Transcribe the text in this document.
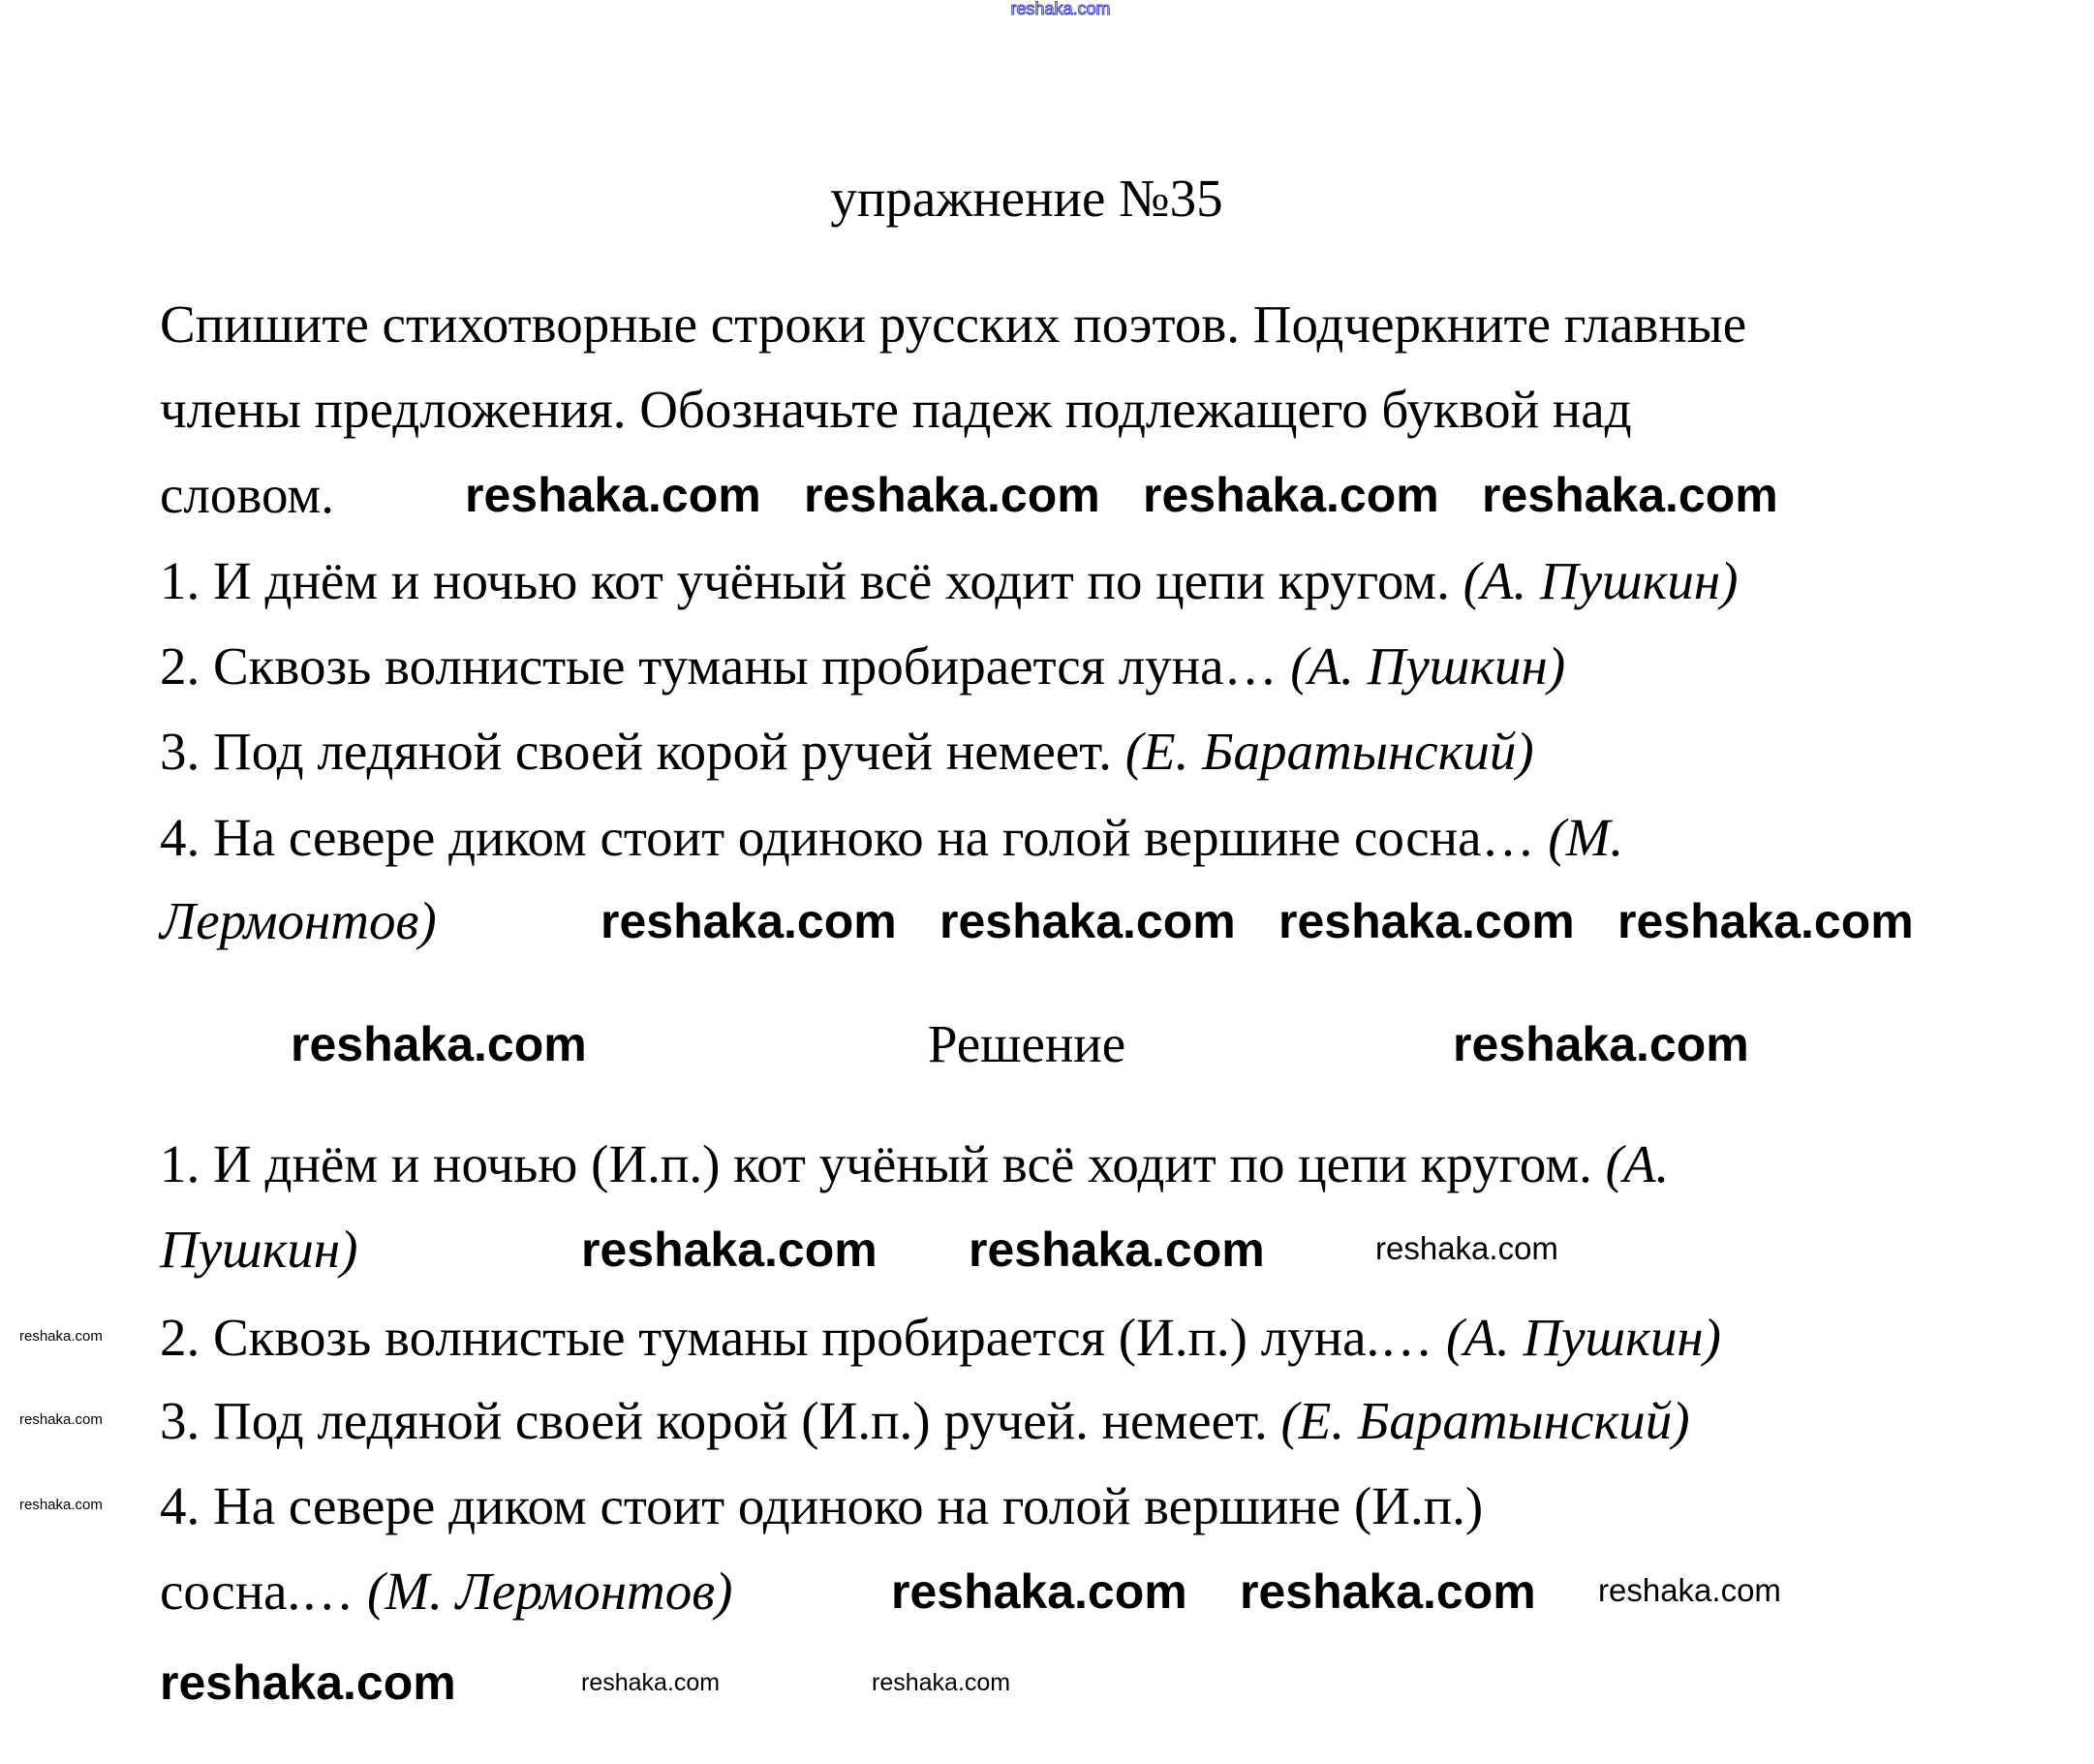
reshaka.com
упражнение №35
Спишите стихотворные строки русских поэтов. Подчеркните главные
члены предложения. Обозначьте падеж подлежащего буквой над
словом.
1. И днём и ночью кот учёный всё ходит по цепи кругом. (А. Пушкин)
2. Сквозь волнистые туманы пробирается луна… (А. Пушкин)
3. Под ледяной своей корой ручей немеет. (Е. Баратынский)
4. На севере диком стоит одиноко на голой вершине сосна… (М.
Лермонтов)
Решение
1. И днём и ночью (И.п.) кот учёный всё ходит по цепи кругом. (А.
Пушкин)
2. Сквозь волнистые туманы пробирается (И.п.) луна.… (А. Пушкин)
3. Под ледяной своей корой (И.п.) ручей. немеет. (Е. Баратынский)
4. На севере диком стоит одиноко на голой вершине (И.п.)
сосна.… (М. Лермонтов)
reshaka.com reshaka.com reshaka.com reshaka.com
reshaka.com reshaka.com reshaka.com reshaka.com
reshaka.com	reshaka.com
reshaka.com reshaka.com	reshaka.com
reshaka.com reshaka.com reshaka.com
reshaka.com	reshaka.com	reshaka.com
reshaka.com
reshaka.com
reshaka.com
